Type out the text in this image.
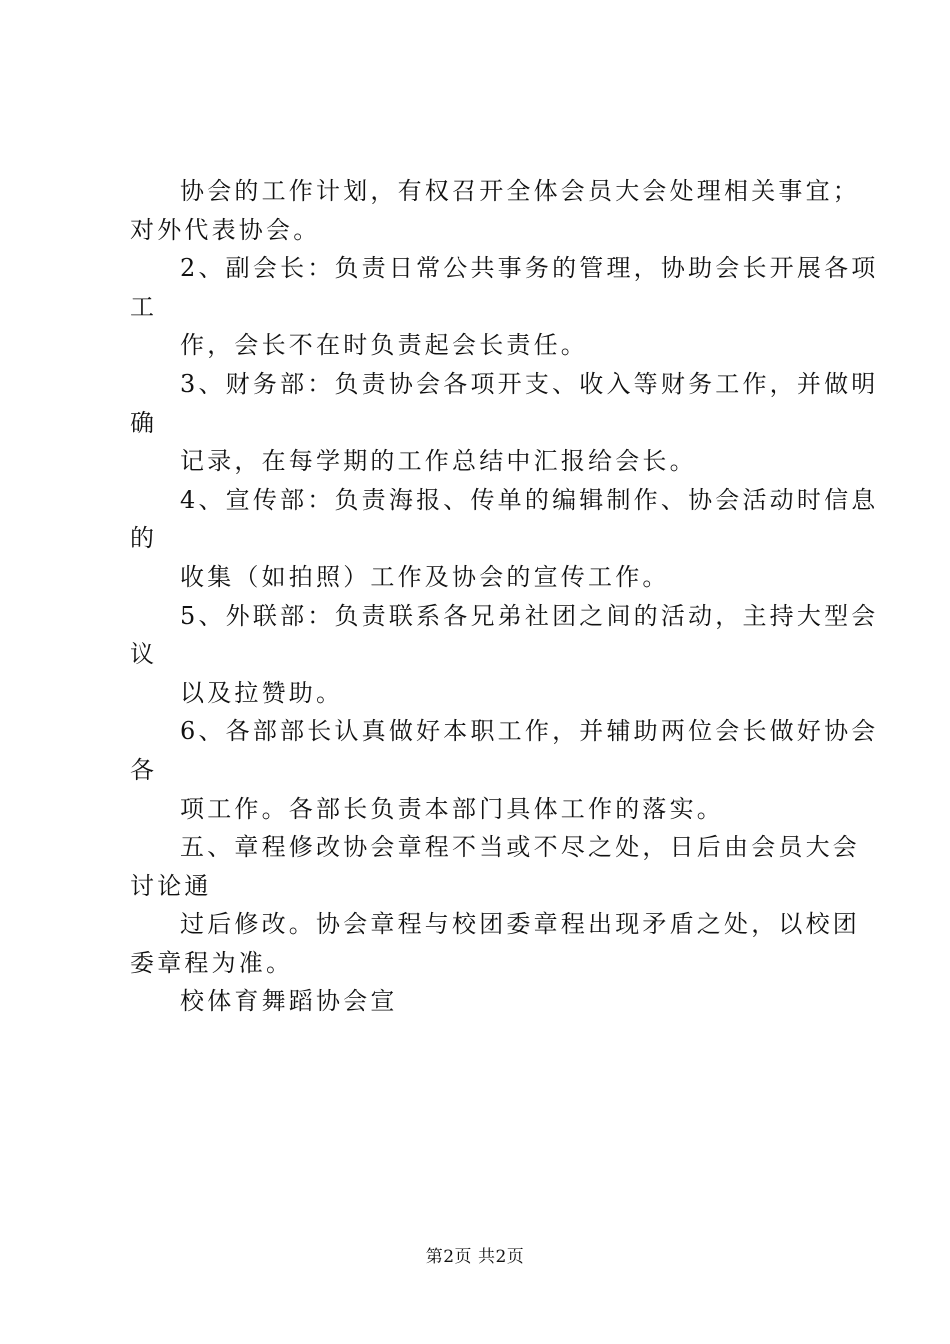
协会的工作计划，有权召开全体会员大会处理相关事宜；
对外代表协会。
2、副会长：负责日常公共事务的管理，协助会长开展各项
工
作，会长不在时负责起会长责任。
3、财务部：负责协会各项开支、收入等财务工作，并做明
确
记录，在每学期的工作总结中汇报给会长。
4、宣传部：负责海报、传单的编辑制作、协会活动时信息
的
收集（如拍照）工作及协会的宣传工作。
5、外联部：负责联系各兄弟社团之间的活动，主持大型会
议
以及拉赞助。
6、各部部长认真做好本职工作，并辅助两位会长做好协会
各
项工作。各部长负责本部门具体工作的落实。
五、章程修改协会章程不当或不尽之处，日后由会员大会
讨论通
过后修改。协会章程与校团委章程出现矛盾之处，以校团
委章程为准。
校体育舞蹈协会宣
第2页 共2页
